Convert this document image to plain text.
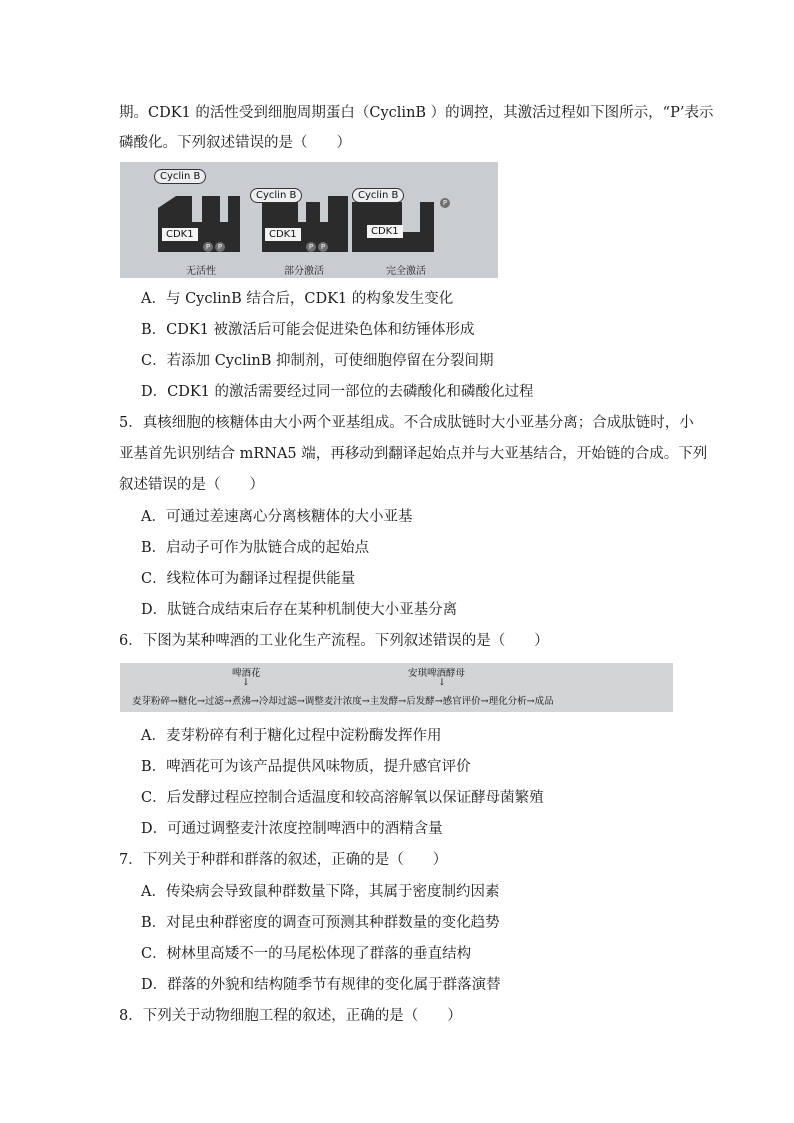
期。CDK1 的活性受到细胞周期蛋白（CyclinB ）的调控，其激活过程如下图所示，“P’表示
磷酸化。下列叙述错误的是（　　）
Cyclin B
CDK1
P	P
无活性
Cyclin B
CDK1
P	P
部分激活
Cyclin B
CDK1
P
完全激活
A．与 CyclinB 结合后，CDK1 的构象发生变化
B．CDK1 被激活后可能会促进染色体和纺锤体形成
C．若添加 CyclinB 抑制剂，可使细胞停留在分裂间期
D．CDK1 的激活需要经过同一部位的去磷酸化和磷酸化过程
5．真核细胞的核糖体由大小两个亚基组成。不合成肽链时大小亚基分离；合成肽链时，小
亚基首先识别结合 mRNA5 端，再移动到翻译起始点并与大亚基结合，开始链的合成。下列
叙述错误的是（　　）
A．可通过差速离心分离核糖体的大小亚基
B．启动子可作为肽链合成的起始点
C．线粒体可为翻译过程提供能量
D．肽链合成结束后存在某种机制使大小亚基分离
6．下图为某种啤酒的工业化生产流程。下列叙述错误的是（　　）
啤酒花
↓
安琪啤酒酵母
↓
麦芽粉碎→糖化→过滤→煮沸→冷却过滤→调整麦汁浓度→主发酵→后发酵→感官评价→理化分析→成品
A．麦芽粉碎有利于糖化过程中淀粉酶发挥作用
B．啤酒花可为该产品提供风味物质，提升感官评价
C．后发酵过程应控制合适温度和较高溶解氧以保证酵母菌繁殖
D．可通过调整麦汁浓度控制啤酒中的酒精含量
7．下列关于种群和群落的叙述，正确的是（　　）
A．传染病会导致鼠种群数量下降，其属于密度制约因素
B．对昆虫种群密度的调查可预测其种群数量的变化趋势
C．树林里高矮不一的马尾松体现了群落的垂直结构
D．群落的外貌和结构随季节有规律的变化属于群落演替
8．下列关于动物细胞工程的叙述，正确的是（　　）
